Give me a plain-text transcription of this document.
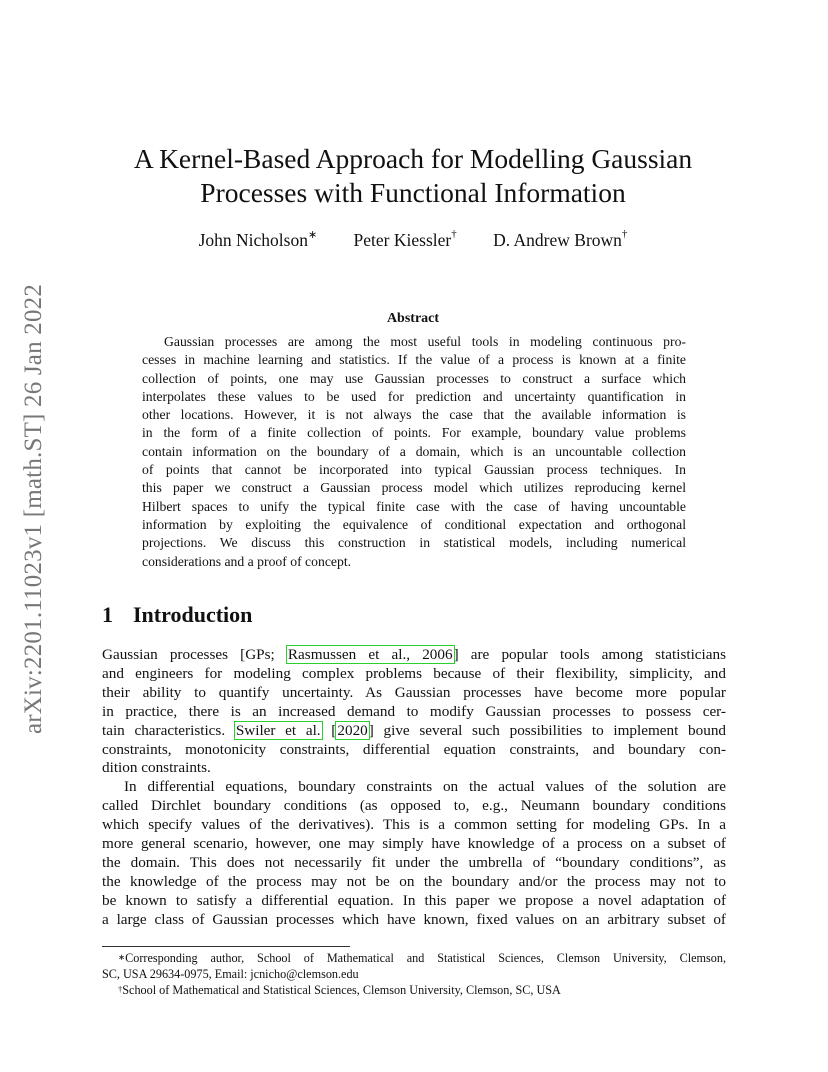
arXiv:2201.11023v1 [math.ST] 26 Jan 2022
A Kernel-Based Approach for Modelling Gaussian
Processes with Functional Information
John Nicholson∗ Peter Kiessler† D. Andrew Brown†
Abstract
Gaussian processes are among the most useful tools in modeling continuous pro-
cesses in machine learning and statistics. If the value of a process is known at a finite
collection of points, one may use Gaussian processes to construct a surface which
interpolates these values to be used for prediction and uncertainty quantification in
other locations. However, it is not always the case that the available information is
in the form of a finite collection of points. For example, boundary value problems
contain information on the boundary of a domain, which is an uncountable collection
of points that cannot be incorporated into typical Gaussian process techniques. In
this paper we construct a Gaussian process model which utilizes reproducing kernel
Hilbert spaces to unify the typical finite case with the case of having uncountable
information by exploiting the equivalence of conditional expectation and orthogonal
projections. We discuss this construction in statistical models, including numerical
considerations and a proof of concept.
1 Introduction
Gaussian processes [GPs; Rasmussen et al., 2006] are popular tools among statisticians
and engineers for modeling complex problems because of their flexibility, simplicity, and
their ability to quantify uncertainty. As Gaussian processes have become more popular
in practice, there is an increased demand to modify Gaussian processes to possess cer-
tain characteristics. Swiler et al. [2020] give several such possibilities to implement bound
constraints, monotonicity constraints, differential equation constraints, and boundary con-
dition constraints.
In differential equations, boundary constraints on the actual values of the solution are
called Dirchlet boundary conditions (as opposed to, e.g., Neumann boundary conditions
which specify values of the derivatives). This is a common setting for modeling GPs. In a
more general scenario, however, one may simply have knowledge of a process on a subset of
the domain. This does not necessarily fit under the umbrella of “boundary conditions”, as
the knowledge of the process may not be on the boundary and/or the process may not to
be known to satisfy a differential equation. In this paper we propose a novel adaptation of
a large class of Gaussian processes which have known, fixed values on an arbitrary subset of
∗Corresponding author, School of Mathematical and Statistical Sciences, Clemson University, Clemson,
SC, USA 29634-0975, Email: jcnicho@clemson.edu
†School of Mathematical and Statistical Sciences, Clemson University, Clemson, SC, USA
